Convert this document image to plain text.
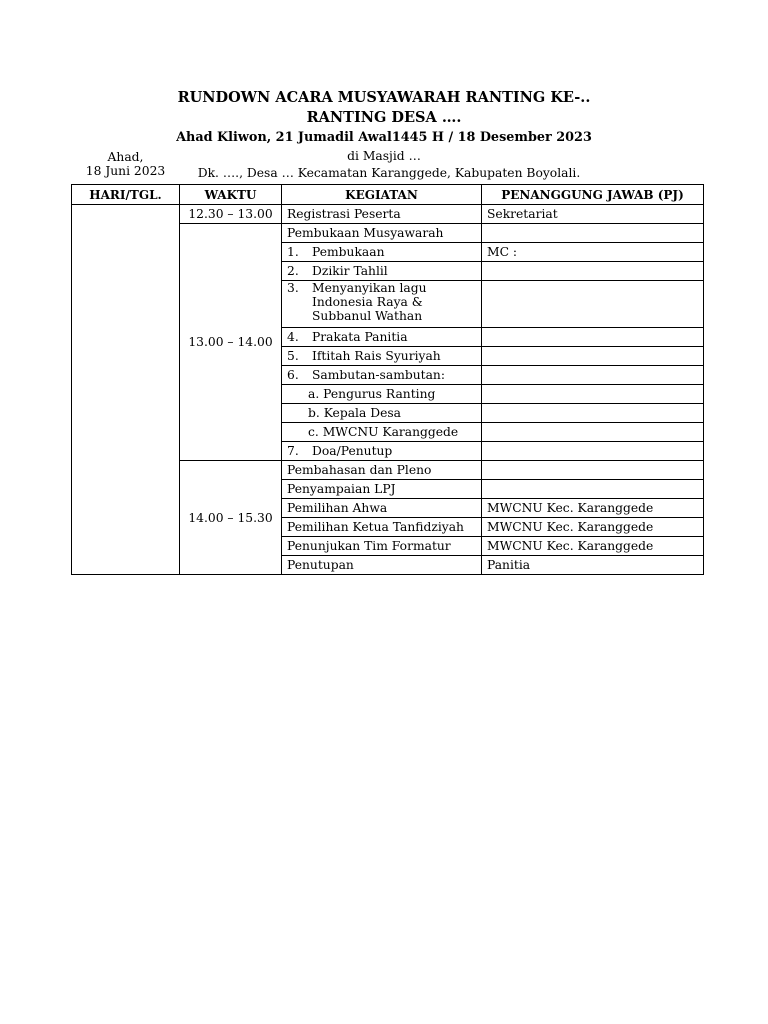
RUNDOWN ACARA MUSYAWARAH RANTING KE-..
RANTING DESA ….
Ahad Kliwon, 21 Jumadil Awal1445 H / 18 Desember 2023
di Masjid …
Dk. …., Desa … Kecamatan Karanggede, Kabupaten Boyolali.
HARI/TGL.	WAKTU	KEGIATAN	PENANGGUNG JAWAB (PJ)

Ahad,
18 Juni 2023	12.30 – 13.00	Registrasi Peserta	Sekretariat
	13.00 – 14.00	Pembukaan Musyawarah	
		1. Pembukaan	MC :
		2. Dzikir Tahlil	

		3. Menyanyikan lagu
Indonesia Raya &
Subbanul Wathan	

		4. Prakata Panitia	
		5. Iftitah Rais Syuriyah	
		6. Sambutan-sambutan:	
		a. Pengurus Ranting	
		b. Kepala Desa	
		c. MWCNU Karanggede	
		7. Doa/Penutup	
	14.00 – 15.30	Pembahasan dan Pleno	
		Penyampaian LPJ	
		Pemilihan Ahwa	MWCNU Kec. Karanggede
		Pemilihan Ketua Tanfidziyah	MWCNU Kec. Karanggede
		Penunjukan Tim Formatur	MWCNU Kec. Karanggede
		Penutupan	Panitia
